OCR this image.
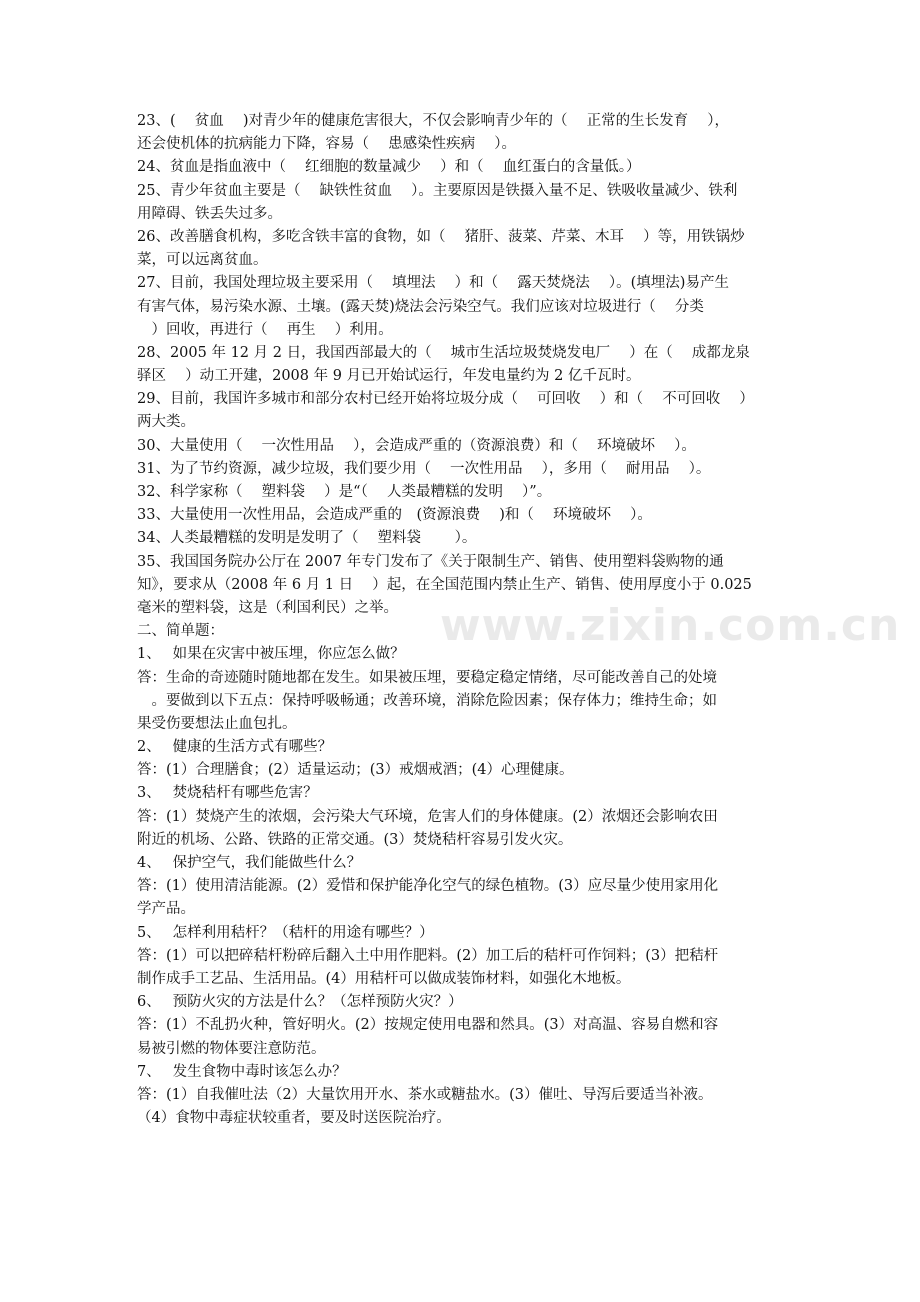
www.zixin.com.cn
23、(　 贫血　 )对青少年的健康危害很大，不仅会影响青少年的（　 正常的生长发育　 ），
还会使机体的抗病能力下降，容易（　 患感染性疾病　 ）。
24、贫血是指血液中（　 红细胞的数量减少　 ）和（　 血红蛋白的含量低。）
25、青少年贫血主要是（　 缺铁性贫血　 ）。主要原因是铁摄入量不足、铁吸收量减少、铁利
用障碍、铁丢失过多。
26、改善膳食机构，多吃含铁丰富的食物，如（　 猪肝、菠菜、芹菜、木耳　 ）等，用铁锅炒
菜，可以远离贫血。
27、目前，我国处理垃圾主要采用（　 填埋法　 ）和（　 露天焚烧法　 ）。(填埋法)易产生
有害气体，易污染水源、土壤。(露天焚)烧法会污染空气。我们应该对垃圾进行（　 分类
　）回收，再进行（　 再生　 ）利用。
28、2005 年 12 月 2 日，我国西部最大的（　 城市生活垃圾焚烧发电厂　 ）在（　 成都龙泉
驿区　 ）动工开建，2008 年 9 月已开始试运行，年发电量约为 2 亿千瓦时。
29、目前，我国许多城市和部分农村已经开始将垃圾分成（　 可回收　 ）和（　 不可回收　 ）
两大类。
30、大量使用（　 一次性用品　 ），会造成严重的（资源浪费）和（　 环境破坏　 ）。
31、为了节约资源，减少垃圾，我们要少用（　 一次性用品　 ），多用（　 耐用品　 ）。
32、科学家称（　 塑料袋　 ）是“（　 人类最糟糕的发明　 ）”。
33、大量使用一次性用品，会造成严重的　(资源浪费　 )和（　 环境破坏　 ）。
34、人类最糟糕的发明是发明了（　 塑料袋　　 ）。
35、我国国务院办公厅在 2007 年专门发布了《关于限制生产、销售、使用塑料袋购物的通
知》，要求从（2008 年 6 月 1 日　 ）起，在全国范围内禁止生产、销售、使用厚度小于 0.025
毫米的塑料袋，这是（利国利民）之举。
二、简单题：
1、　 如果在灾害中被压埋，你应怎么做？
答：生命的奇迹随时随地都在发生。如果被压埋，要稳定稳定情绪，尽可能改善自己的处境
　。要做到以下五点：保持呼吸畅通；改善环境，消除危险因素；保存体力；维持生命；如
果受伤要想法止血包扎。
2、　 健康的生活方式有哪些？
答：(1）合理膳食；(2）适量运动；(3）戒烟戒酒；(4）心理健康。
3、　 焚烧秸杆有哪些危害？
答：(1）焚烧产生的浓烟，会污染大气环境，危害人们的身体健康。(2）浓烟还会影响农田
附近的机场、公路、铁路的正常交通。(3）焚烧秸杆容易引发火灾。
4、　 保护空气，我们能做些什么？
答：(1）使用清洁能源。(2）爱惜和保护能净化空气的绿色植物。(3）应尽量少使用家用化
学产品。
5、　 怎样利用秸杆？（秸杆的用途有哪些？）
答：(1）可以把碎秸杆粉碎后翻入土中用作肥料。(2）加工后的秸杆可作饲料；(3）把秸杆
制作成手工艺品、生活用品。(4）用秸杆可以做成装饰材料，如强化木地板。
6、　 预防火灾的方法是什么？（怎样预防火灾？）
答：(1）不乱扔火种，管好明火。(2）按规定使用电器和然具。(3）对高温、容易自燃和容
易被引燃的物体要注意防范。
7、　 发生食物中毒时该怎么办？
答：(1）自我催吐法（2）大量饮用开水、茶水或糖盐水。(3）催吐、导泻后要适当补液。
（4）食物中毒症状较重者，要及时送医院治疗。
